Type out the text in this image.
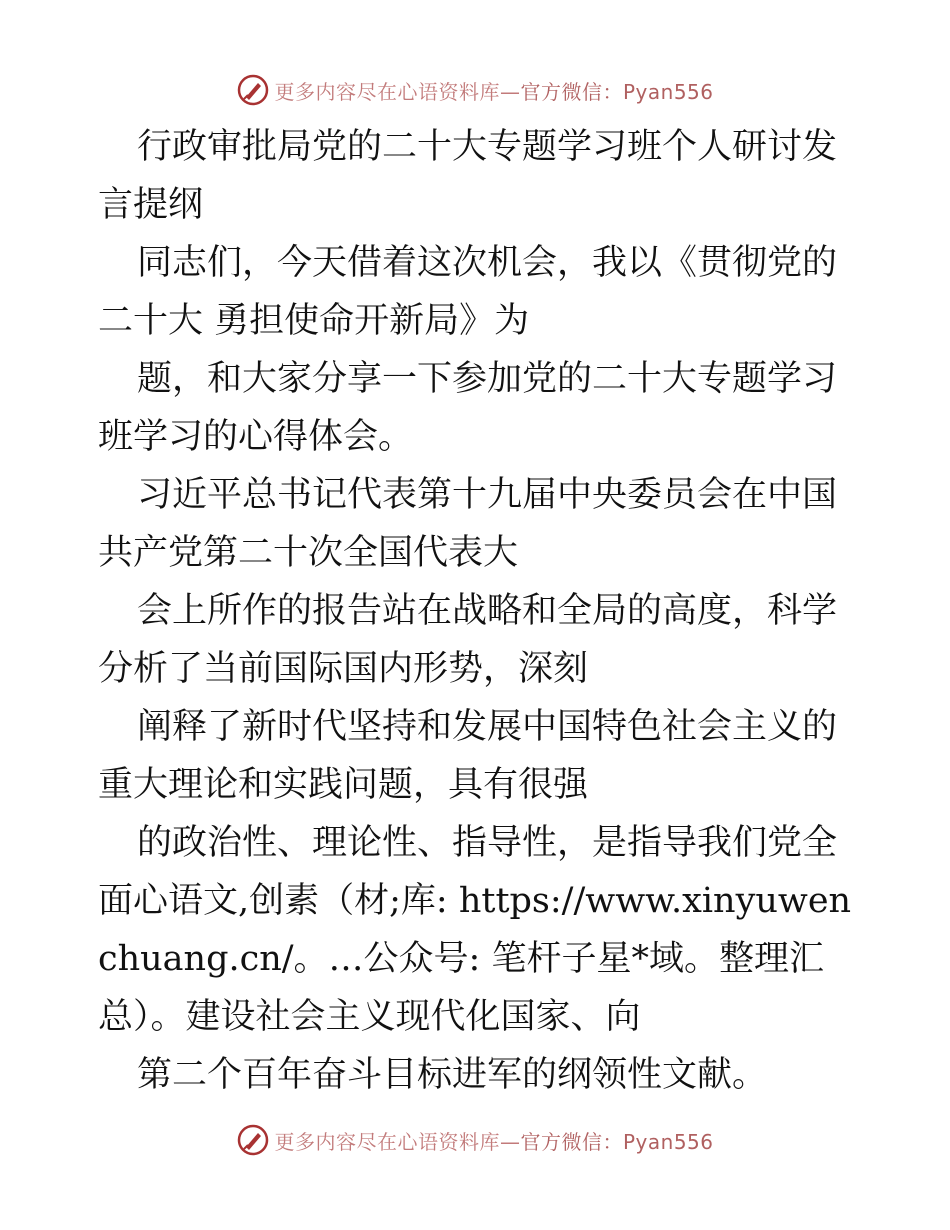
更多内容尽在心语资料库—官方微信：Pyan556

行政审批局党的二十大专题学习班个人研讨发言提纲

同志们，今天借着这次机会，我以《贯彻党的二十大 勇担使命开新局》为

题，和大家分享一下参加党的二十大专题学习班学习的心得体会。

习近平总书记代表第十九届中央委员会在中国共产党第二十次全国代表大

会上所作的报告站在战略和全局的高度，科学分析了当前国际国内形势，深刻

阐释了新时代坚持和发展中国特色社会主义的重大理论和实践问题，具有很强

的政治性、理论性、指导性，是指导我们党全面心语文,创素（材;库: https://www.xinyuwenchuang.cn/。…公众号: 笔杆子星*域。整理汇总）。建设社会主义现代化国家、向

第二个百年奋斗目标进军的纲领性文献。

更多内容尽在心语资料库—官方微信：Pyan556
